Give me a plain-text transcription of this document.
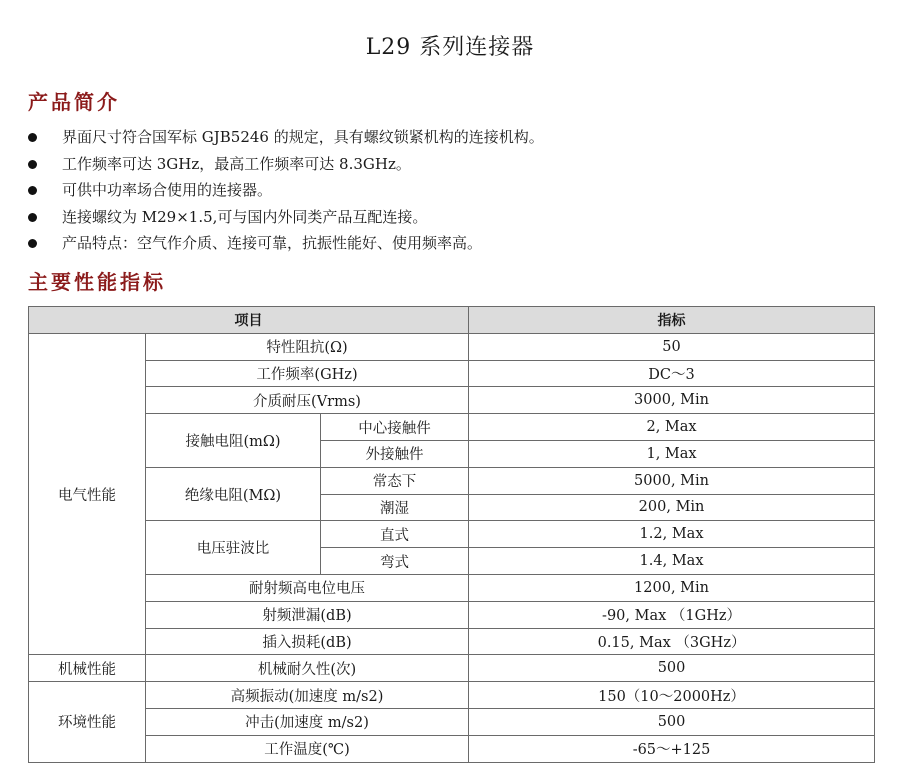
L29 系列连接器
产品简介
界面尺寸符合国军标 GJB5246 的规定，具有螺纹锁紧机构的连接机构。
工作频率可达 3GHz，最高工作频率可达 8.3GHz。
可供中功率场合使用的连接器。
连接螺纹为 M29×1.5,可与国内外同类产品互配连接。
产品特点：空气作介质、连接可靠，抗振性能好、使用频率高。
主要性能指标
项目			指标
电气性能	特性阻抗(Ω)		50
	工作频率(GHz)		DC～3
	介质耐压(Vrms)		3000, Min
	接触电阻(mΩ)	中心接触件	2, Max
		外接触件	1, Max
	绝缘电阻(MΩ)	常态下	5000, Min
		潮湿	200, Min
	电压驻波比	直式	1.2, Max
		弯式	1.4, Max
	耐射频高电位电压		1200, Min
	射频泄漏(dB)		-90, Max （1GHz）
	插入损耗(dB)		0.15, Max （3GHz）
机械性能	机械耐久性(次)		500
环境性能	高频振动(加速度 m/s2)		150（10～2000Hz）
	冲击(加速度 m/s2)		500
	工作温度(℃)		-65～+125
